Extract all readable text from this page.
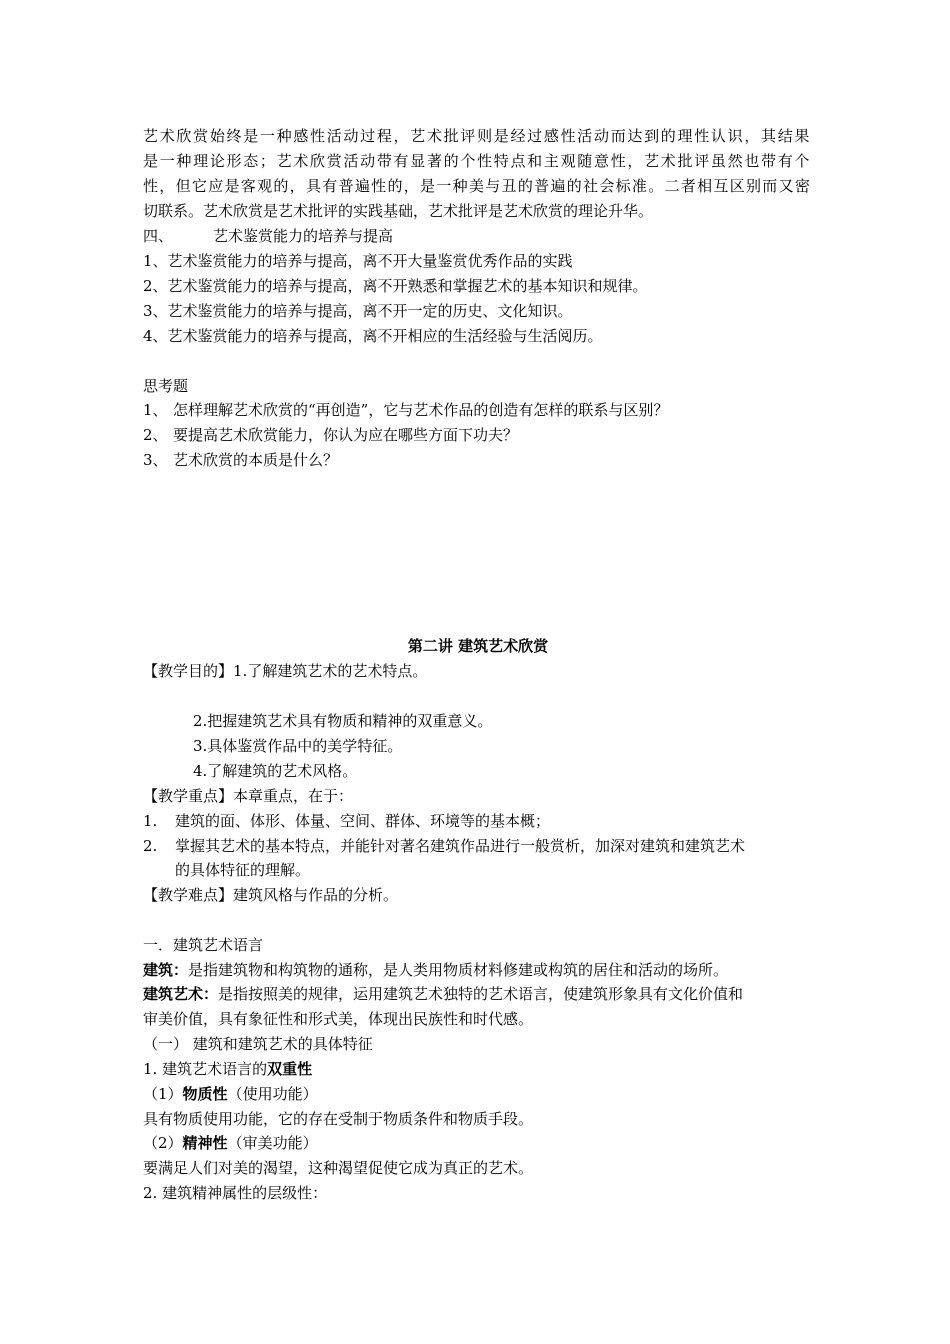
艺 术 欣 赏 始 终 是 一 种 感 性 活 动 过 程 ， 艺 术 批 评 则 是 经 过 感 性 活 动 而 达 到 的 理 性 认 识 ， 其 结 果
是 一 种 理 论 形 态 ； 艺 术 欣 赏 活 动 带 有 显 著 的 个 性 特 点 和 主 观 随 意 性 ， 艺 术 批 评 虽 然 也 带 有 个
性 ， 但 它 应 是 客 观 的 ， 具 有 普 遍 性 的 ， 是 一 种 美 与 丑 的 普 遍 的 社 会 标 准 。 二 者 相 互 区 别 而 又 密
切联系。艺术欣赏是艺术批评的实践基础，艺术批评是艺术欣赏的理论升华。
四、	艺术鉴赏能力的培养与提高
1、艺术鉴赏能力的培养与提高，离不开大量鉴赏优秀作品的实践
2、艺术鉴赏能力的培养与提高，离不开熟悉和掌握艺术的基本知识和规律。
3、艺术鉴赏能力的培养与提高，离不开一定的历史、文化知识。
4、艺术鉴赏能力的培养与提高，离不开相应的生活经验与生活阅历。
思考题
1、 怎样理解艺术欣赏的“再创造”，它与艺术作品的创造有怎样的联系与区别？
2、 要提高艺术欣赏能力，你认为应在哪些方面下功夫？
3、 艺术欣赏的本质是什么？
第二讲 建筑艺术欣赏
【教学目的】1.了解建筑艺术的艺术特点。
2.把握建筑艺术具有物质和精神的双重意义。
3.具体鉴赏作品中的美学特征。
4.了解建筑的艺术风格。
【教学重点】本章重点，在于：
1. 建筑的面、体形、体量、空间、群体、环境等的基本概；
2. 掌握其艺术的基本特点，并能针对著名建筑作品进行一般赏析，加深对建筑和建筑艺术
的具体特征的理解。
【教学难点】建筑风格与作品的分析。
一．建筑艺术语言
建筑：是指建筑物和构筑物的通称，是人类用物质材料修建或构筑的居住和活动的场所。
建筑艺术：是指按照美的规律，运用建筑艺术独特的艺术语言，使建筑形象具有文化价值和
审美价值，具有象征性和形式美，体现出民族性和时代感。
（一） 建筑和建筑艺术的具体特征
1. 建筑艺术语言的双重性
（1）物质性（使用功能）
具有物质使用功能，它的存在受制于物质条件和物质手段。
（2）精神性（审美功能）
要满足人们对美的渴望，这种渴望促使它成为真正的艺术。
2. 建筑精神属性的层级性：
